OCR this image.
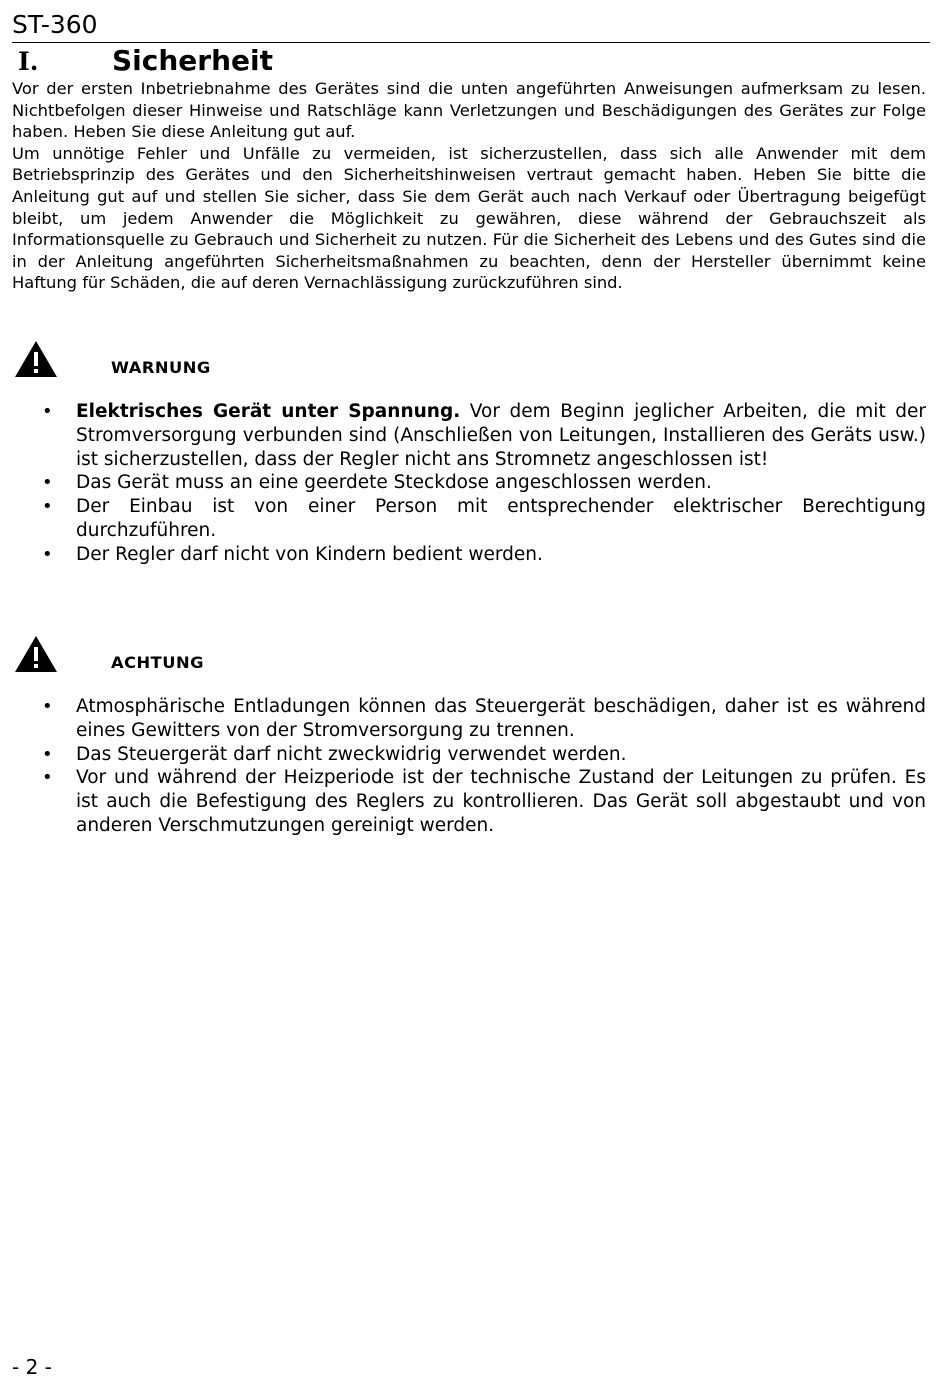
ST-360
I.	Sicherheit

Vor der ersten Inbetriebnahme des Gerätes sind die unten angeführten Anweisungen aufmerksam zu lesen. Nichtbefolgen dieser Hinweise und Ratschläge kann Verletzungen und Beschädigungen des Gerätes zur Folge haben. Heben Sie diese Anleitung gut auf.

Um unnötige Fehler und Unfälle zu vermeiden, ist sicherzustellen, dass sich alle Anwender mit dem Betriebsprinzip des Gerätes und den Sicherheitshinweisen vertraut gemacht haben. Heben Sie bitte die Anleitung gut auf und stellen Sie sicher, dass Sie dem Gerät auch nach Verkauf oder Übertragung beigefügt bleibt, um jedem Anwender die Möglichkeit zu gewähren, diese während der Gebrauchszeit als Informationsquelle zu Gebrauch und Sicherheit zu nutzen. Für die Sicherheit des Lebens und des Gutes sind die in der Anleitung angeführten Sicherheitsmaßnahmen zu beachten, denn der Hersteller übernimmt keine Haftung für Schäden, die auf deren Vernachlässigung zurückzuführen sind.

WARNUNG
• Elektrisches Gerät unter Spannung. Vor dem Beginn jeglicher Arbeiten, die mit der Stromversorgung verbunden sind (Anschließen von Leitungen, Installieren des Geräts usw.) ist sicherzustellen, dass der Regler nicht ans Stromnetz angeschlossen ist!
• Das Gerät muss an eine geerdete Steckdose angeschlossen werden.
• Der Einbau ist von einer Person mit entsprechender elektrischer Berechtigung durchzuführen.
• Der Regler darf nicht von Kindern bedient werden.
ACHTUNG
• Atmosphärische Entladungen können das Steuergerät beschädigen, daher ist es während eines Gewitters von der Stromversorgung zu trennen.
• Das Steuergerät darf nicht zweckwidrig verwendet werden.
• Vor und während der Heizperiode ist der technische Zustand der Leitungen zu prüfen. Es ist auch die Befestigung des Reglers zu kontrollieren. Das Gerät soll abgestaubt und von anderen Verschmutzungen gereinigt werden.
- 2 -
